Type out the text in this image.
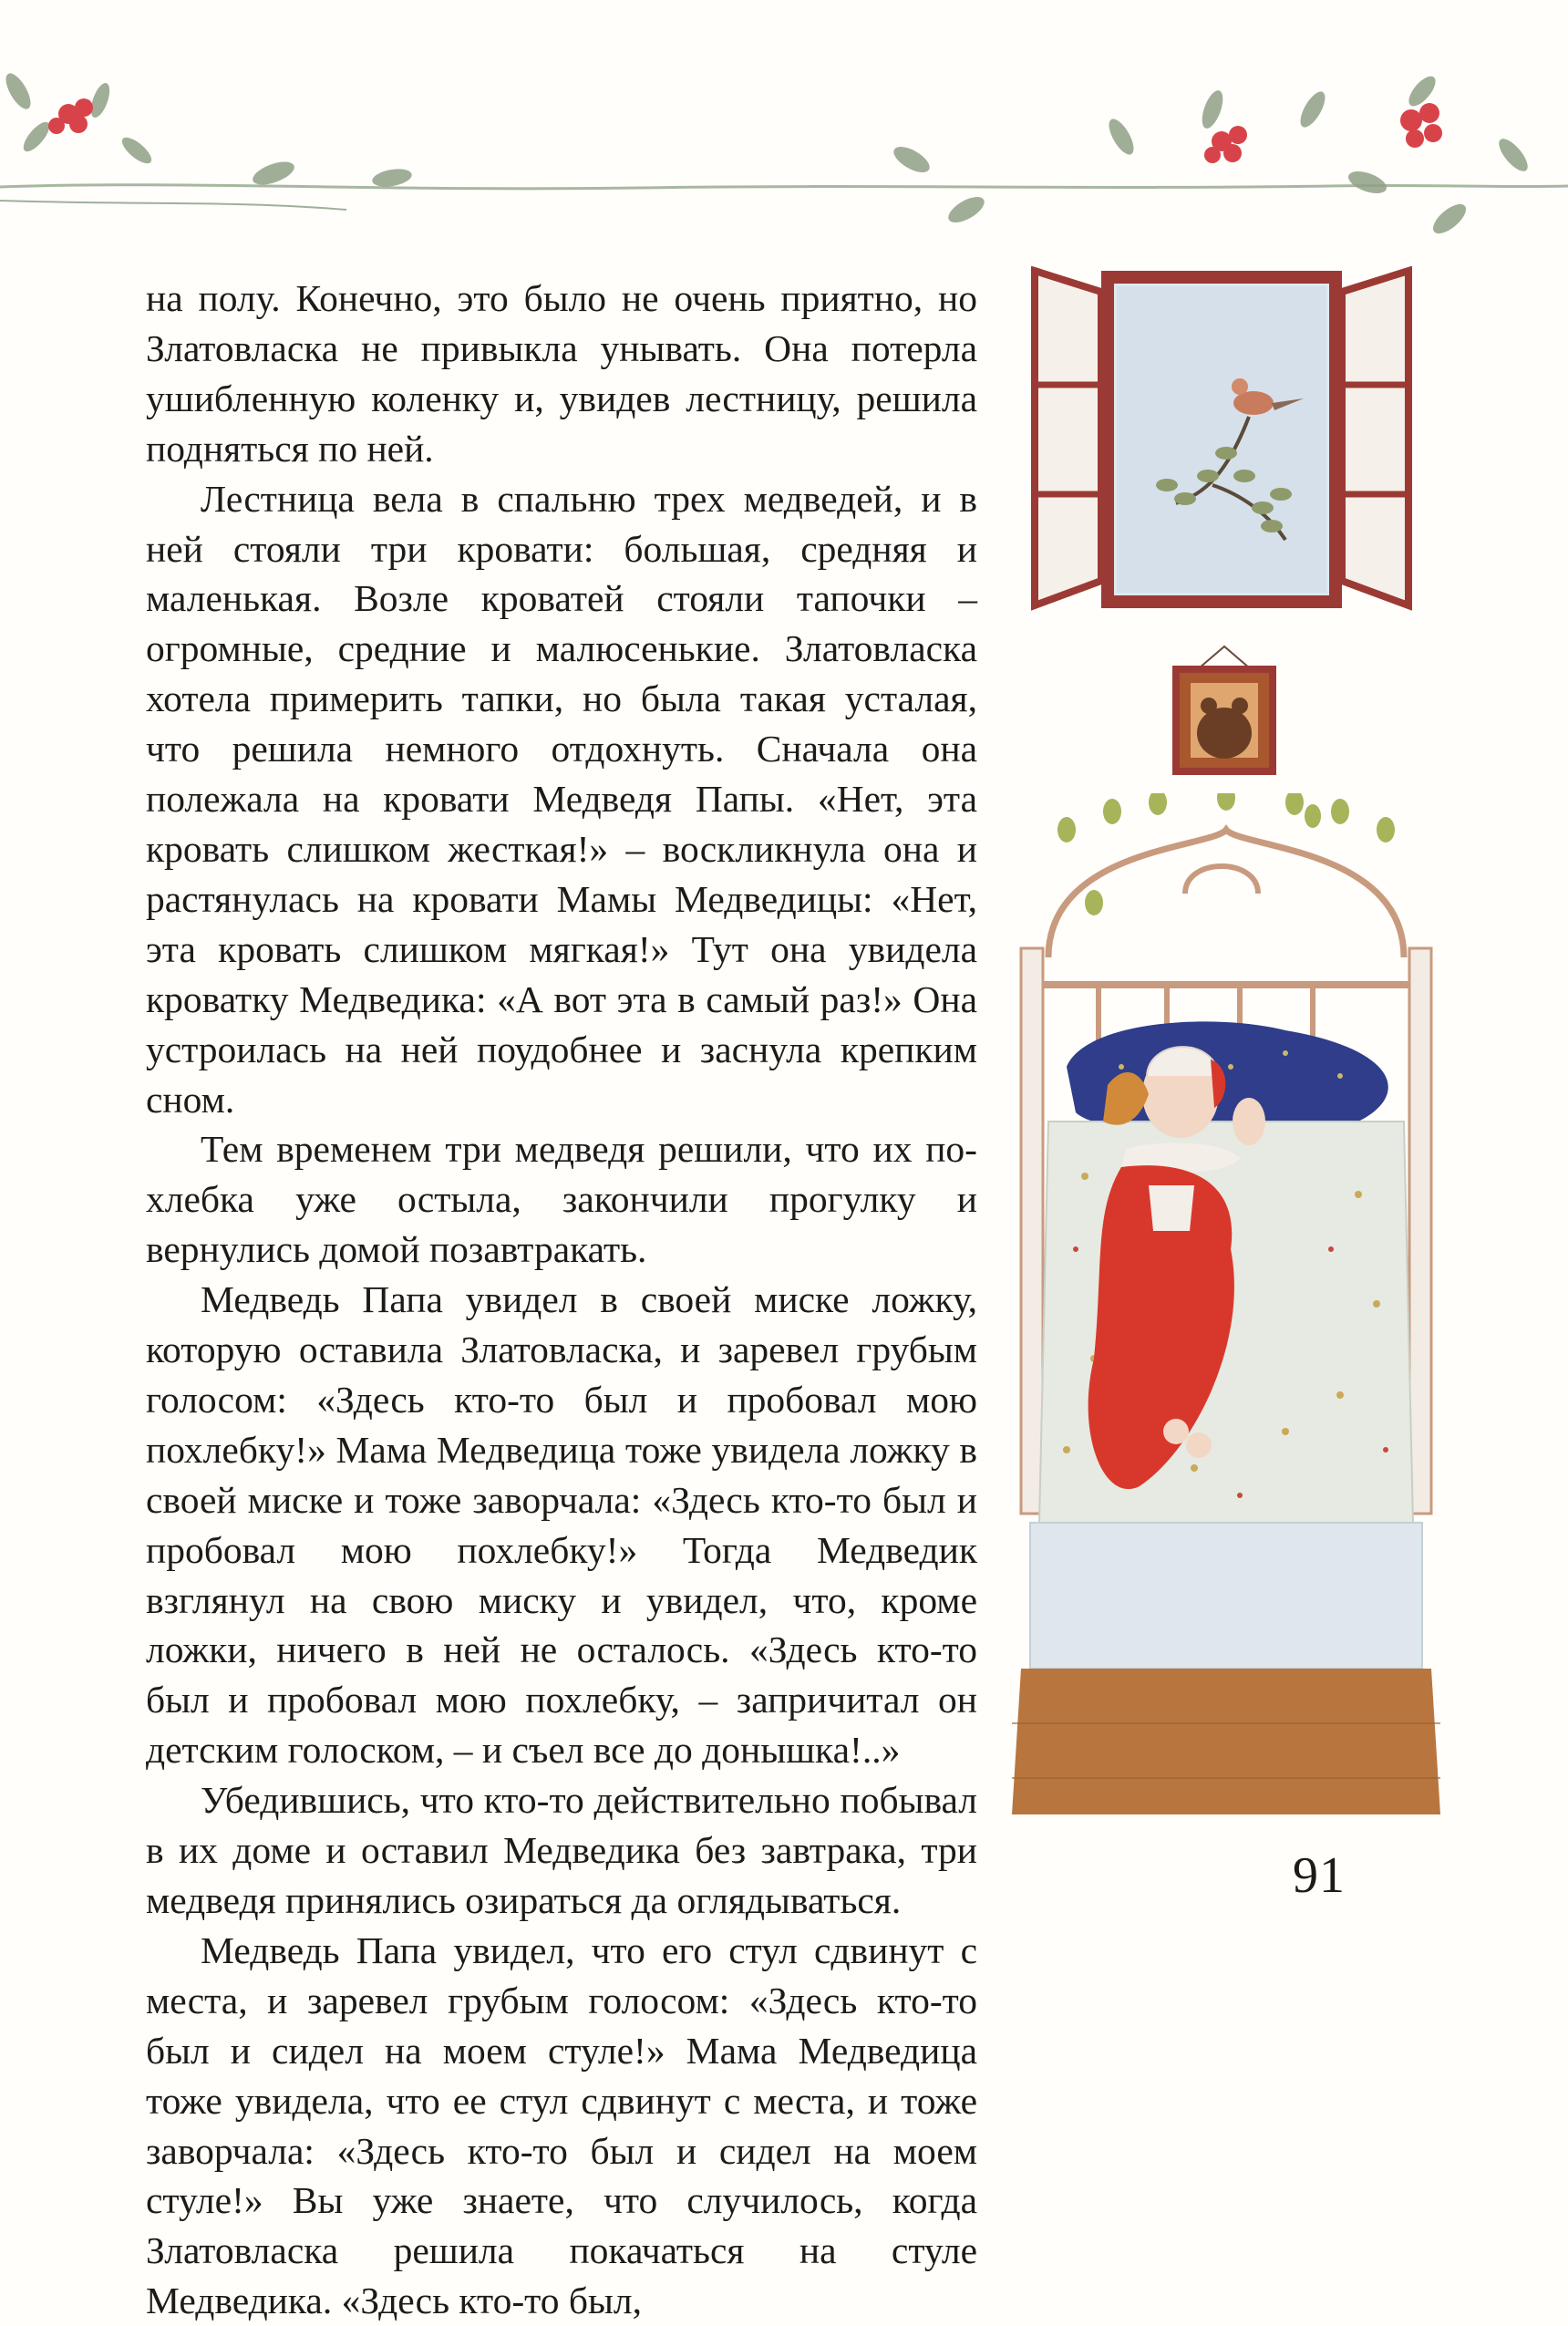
на полу. Конечно, это было не очень приятно, но Златовласка не привыкла унывать. Она потерла ушибленную коленку и, увидев лестницу, решила подняться по ней.

Лестница вела в спальню трех медведей, и в ней стояли три кровати: большая, средняя и маленькая. Возле кроватей стояли тапочки – огромные, средние и малюсенькие. Златовласка хотела примерить тапки, но была такая усталая, что решила немного отдохнуть. Сначала она полежала на кровати Медведя Папы. «Нет, эта кровать слишком жесткая!» – воскликнула она и растянулась на кровати Мамы Медведицы: «Нет, эта кровать слишком мягкая!» Тут она увидела кроватку Медведика: «А вот эта в самый раз!» Она устроилась на ней поудобнее и заснула крепким сном.

Тем временем три медведя решили, что их похлебка уже остыла, закончили прогулку и вернулись домой позавтракать.

Медведь Папа увидел в своей миске ложку, которую оставила Златовласка, и заревел грубым голосом: «Здесь кто-то был и пробовал мою похлебку!» Мама Медведица тоже увидела ложку в своей миске и тоже заворчала: «Здесь кто-то был и пробовал мою похлебку!» Тогда Медведик взглянул на свою миску и увидел, что, кроме ложки, ничего в ней не осталось. «Здесь кто-то был и пробовал мою похлебку, – запричитал он детским голоском, – и съел все до донышка!..»

Убедившись, что кто-то действительно побывал в их доме и оставил Медведика без завтрака, три медведя принялись озираться да оглядываться.

Медведь Папа увидел, что его стул сдвинут с места, и заревел грубым голосом: «Здесь кто-то был и сидел на моем стуле!» Мама Медведица тоже увидела, что ее стул сдвинут с места, и тоже заворчала: «Здесь кто-то был и сидел на моем стуле!» Вы уже знаете, что случилось, когда Златовласка решила покачаться на стуле Медведика. «Здесь кто-то был,

91
